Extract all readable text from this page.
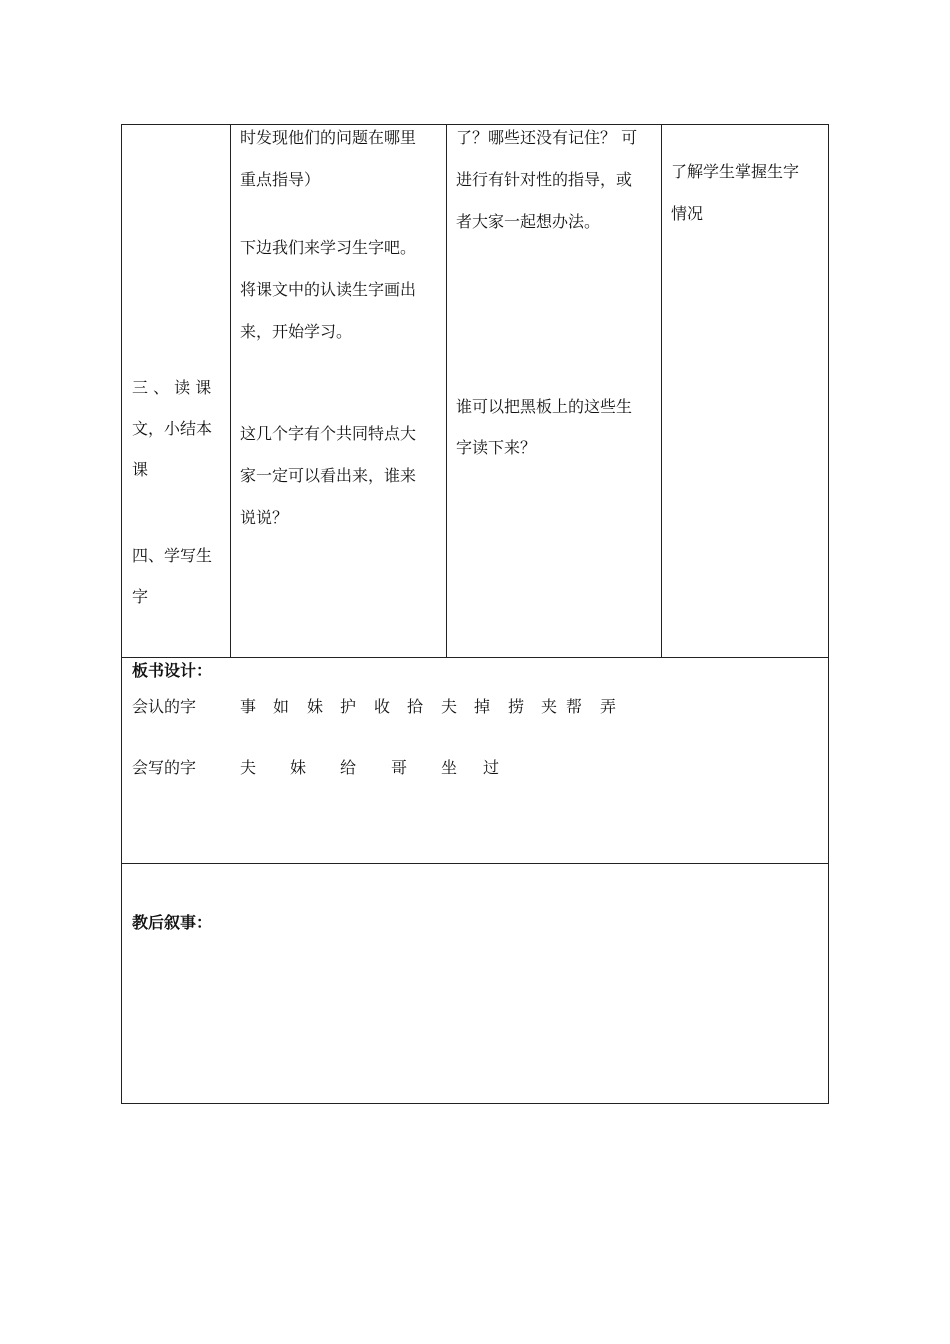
三 、 读 课
文，小结本
课
四、学写生
字
时发现他们的问题在哪里
重点指导）
下边我们来学习生字吧。
将课文中的认读生字画出
来，开始学习。
这几个字有个共同特点大
家一定可以看出来，谁来
说说？
了？哪些还没有记住？ 可
进行有针对性的指导，或
者大家一起想办法。
谁可以把黑板上的这些生
字读下来？
了解学生掌握生字
情况
板书设计：
会认的字	事 如 妹 护 收 拾 夫 掉 捞 夹 帮 弄
会写的字	夫 妹 给 哥 坐 过
教后叙事：
